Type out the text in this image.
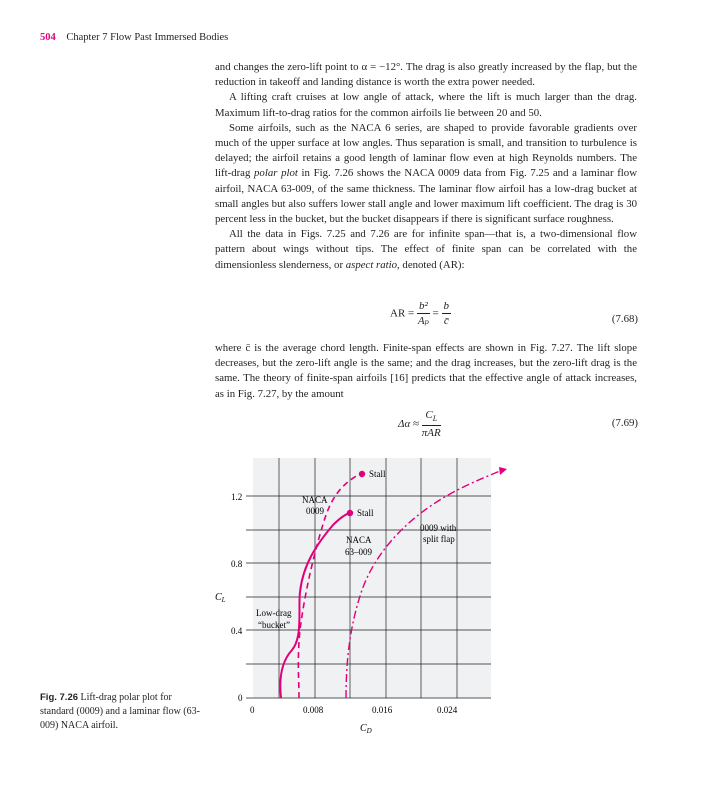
504 Chapter 7 Flow Past Immersed Bodies

and changes the zero-lift point to α = −12°. The drag is also greatly increased by the flap, but the reduction in takeoff and landing distance is worth the extra power needed.

A lifting craft cruises at low angle of attack, where the lift is much larger than the drag. Maximum lift-to-drag ratios for the common airfoils lie between 20 and 50.

Some airfoils, such as the NACA 6 series, are shaped to provide favorable gradients over much of the upper surface at low angles. Thus separation is small, and transition to turbulence is delayed; the airfoil retains a good length of laminar flow even at high Reynolds numbers. The lift-drag polar plot in Fig. 7.26 shows the NACA 0009 data from Fig. 7.25 and a laminar flow airfoil, NACA 63-009, of the same thickness. The laminar flow airfoil has a low-drag bucket at small angles but also suffers lower stall angle and lower maximum lift coefficient. The drag is 30 percent less in the bucket, but the bucket disappears if there is significant surface roughness.

All the data in Figs. 7.25 and 7.26 are for infinite span—that is, a two-dimensional flow pattern about wings without tips. The effect of finite span can be correlated with the dimensionless slenderness, or aspect ratio, denoted (AR):

AR = $\frac{\text{b²}}{\text{Aₚ}} = \frac{b}{c̄}$	(7.68)

where c̄ is the average chord length. Finite-span effects are shown in Fig. 7.27. The lift slope decreases, but the zero-lift angle is the same; and the drag increases, but the zero-lift drag is the same. The theory of finite-span airfoils [16] predicts that the effective angle of attack increases, as in Fig. 7.27, by the amount

$\Delta\alpha \approx \frac{C_L}{\text{πAR}}$	(7.69)
1.2
0.8
0.4
0
0	0.008	0.016	0.024
$C_L$
$C_D$
Stall
NACA
0009	Stall
NACA
63–009
0009 with
split flap
Low-drag
“bucket”
Fig. 7.26 Lift-drag polar plot for standard (0009) and a laminar flow (63-009) NACA airfoil.
